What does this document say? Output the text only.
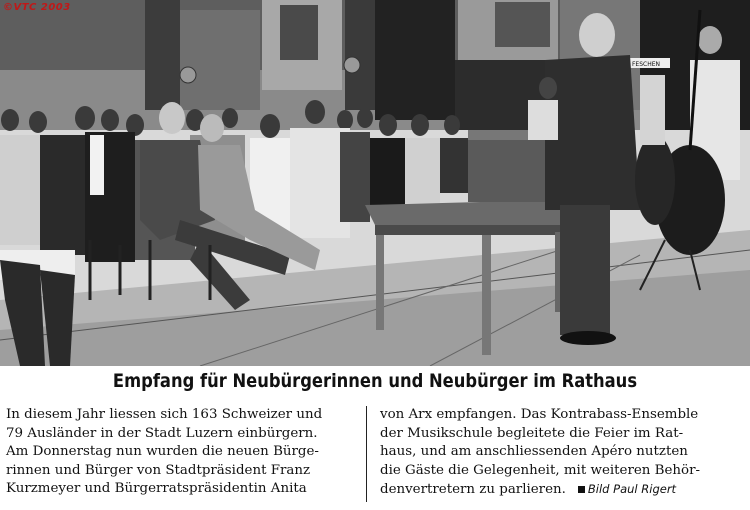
FESCHEN
©VTC 2003
Empfang für Neubürgerinnen und Neubürger im Rathaus
In diesem Jahr liessen sich 163 Schweizer und
79 Ausländer in der Stadt Luzern einbürgern.
Am Donnerstag nun wurden die neuen Bürge-
rinnen und Bürger von Stadtpräsident Franz
Kurzmeyer und Bürgerratspräsidentin Anita
von Arx empfangen. Das Kontrabass-Ensemble
der Musikschule begleitete die Feier im Rat-
haus, und am anschliessenden Apéro nutzten
die Gäste die Gelegenheit, mit weiteren Behör-
denvertretern zu parlieren. Bild Paul Rigert
